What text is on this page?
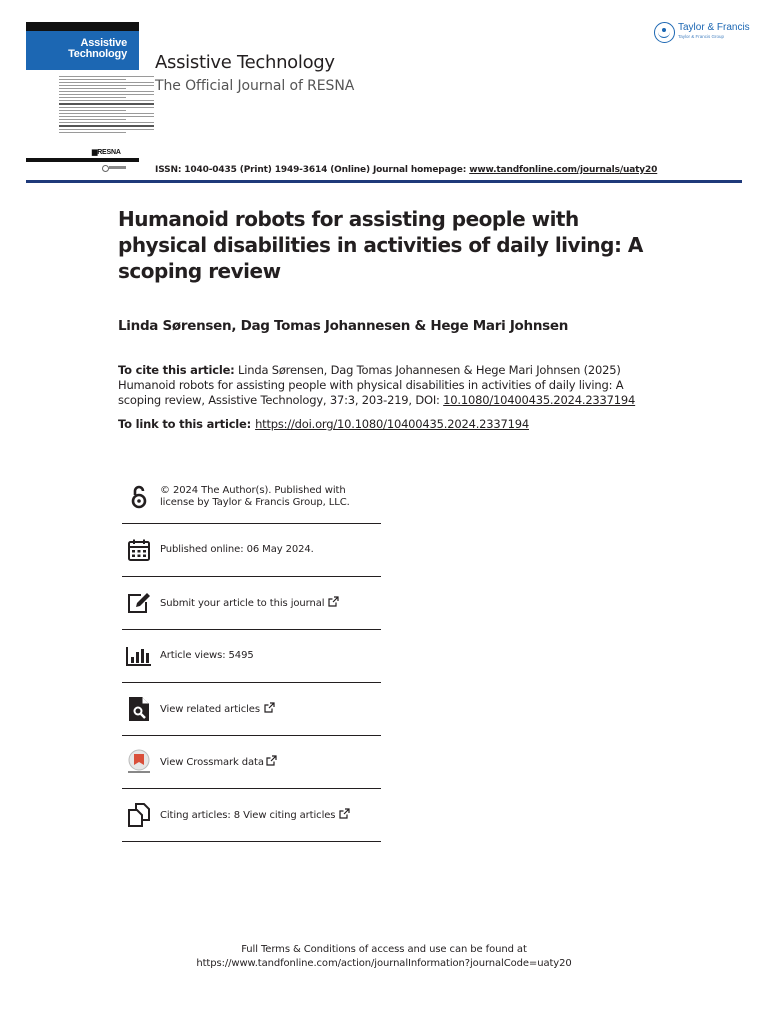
Assistive
Technology
▆RESNA
Assistive Technology
The Official Journal of RESNA
Taylor & Francis
Taylor & Francis Group
ISSN: 1040-0435 (Print) 1949-3614 (Online) Journal homepage: www.tandfonline.com/journals/uaty20
Humanoid robots for assisting people with physical disabilities in activities of daily living: A scoping review
Linda Sørensen, Dag Tomas Johannesen & Hege Mari Johnsen
To cite this article: Linda Sørensen, Dag Tomas Johannesen & Hege Mari Johnsen (2025) Humanoid robots for assisting people with physical disabilities in activities of daily living: A scoping review, Assistive Technology, 37:3, 203-219, DOI: 10.1080/10400435.2024.2337194
To link to this article: https://doi.org/10.1080/10400435.2024.2337194
© 2024 The Author(s). Published with license by Taylor & Francis Group, LLC.
Published online: 06 May 2024.
Submit your article to this journal
Article views: 5495
View related articles
View Crossmark data
Citing articles: 8 View citing articles
Full Terms & Conditions of access and use can be found at
https://www.tandfonline.com/action/journalInformation?journalCode=uaty20
